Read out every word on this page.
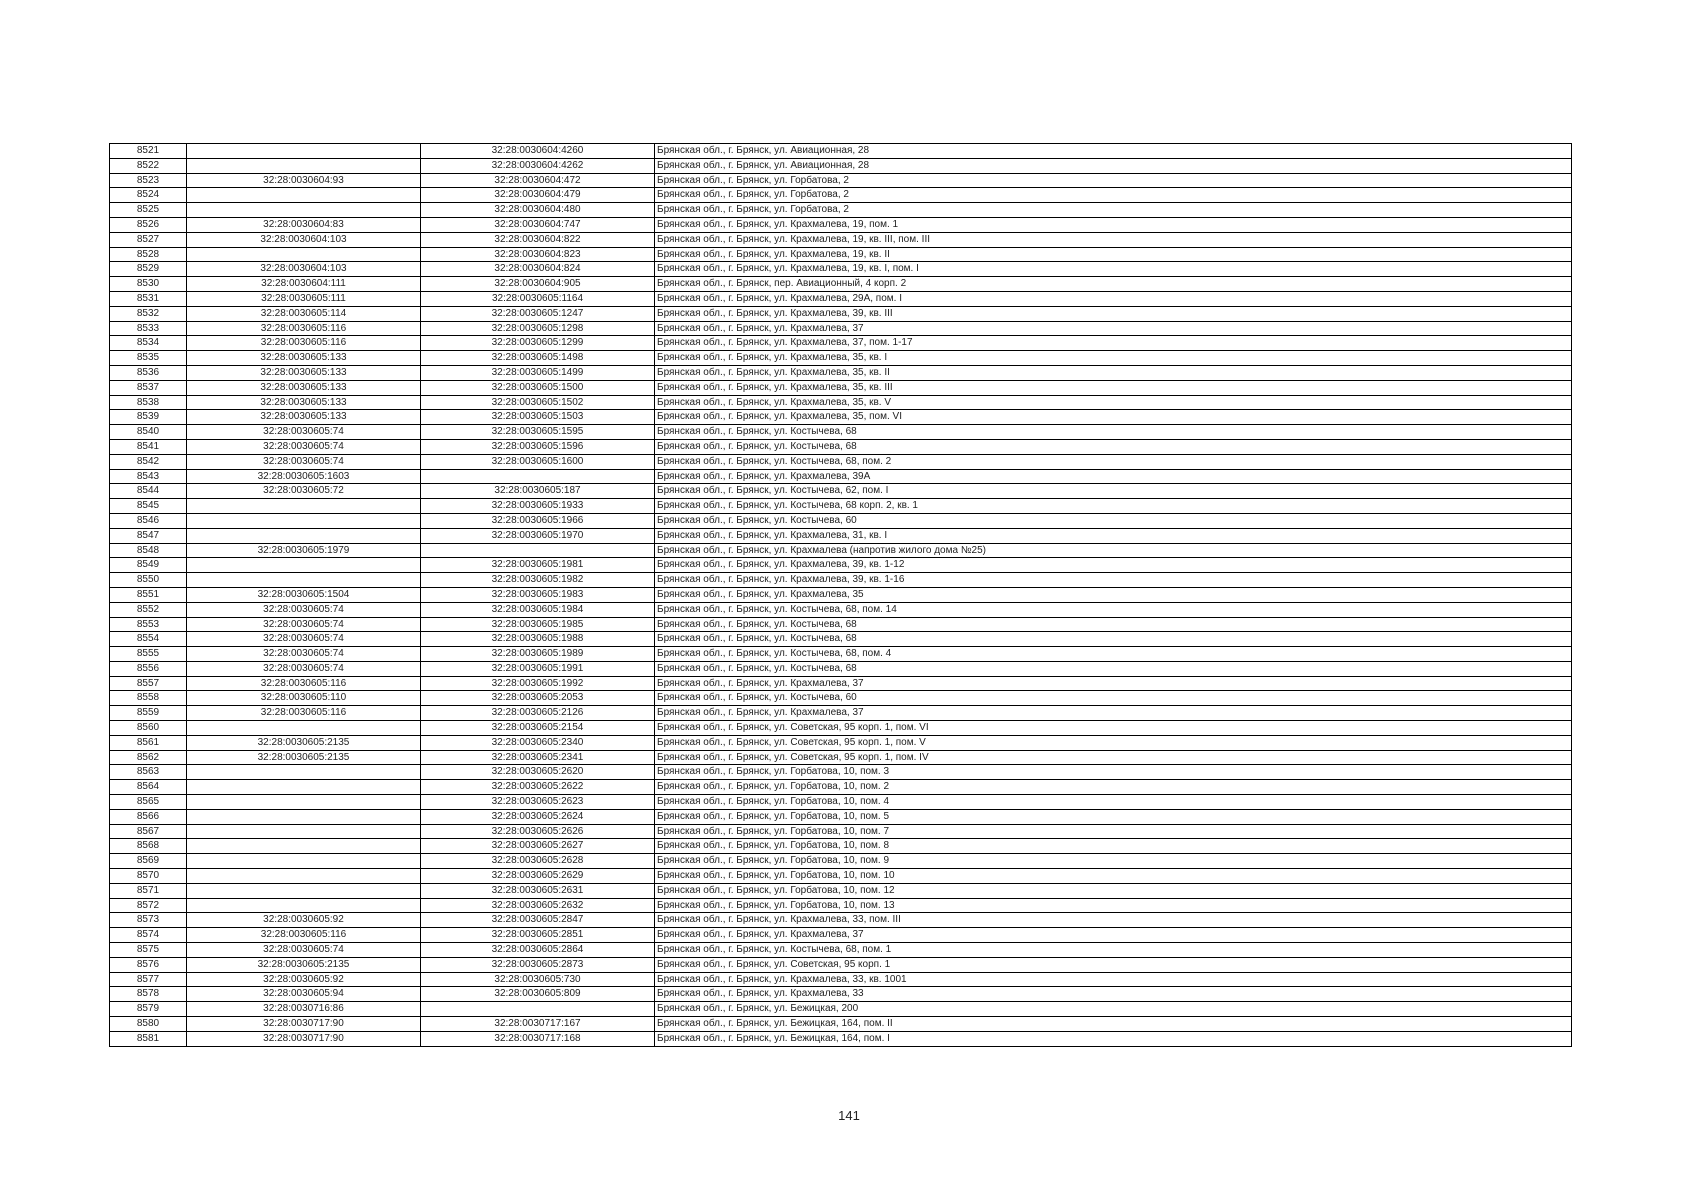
8521		32:28:0030604:4260	Брянская обл., г. Брянск, ул. Авиационная, 28
8522		32:28:0030604:4262	Брянская обл., г. Брянск, ул. Авиационная, 28
8523	32:28:0030604:93	32:28:0030604:472	Брянская обл., г. Брянск, ул. Горбатова, 2
8524		32:28:0030604:479	Брянская обл., г. Брянск, ул. Горбатова, 2
8525		32:28:0030604:480	Брянская обл., г. Брянск, ул. Горбатова, 2
8526	32:28:0030604:83	32:28:0030604:747	Брянская обл., г. Брянск, ул. Крахмалева, 19, пом. 1
8527	32:28:0030604:103	32:28:0030604:822	Брянская обл., г. Брянск, ул. Крахмалева, 19, кв. III, пом. III
8528		32:28:0030604:823	Брянская обл., г. Брянск, ул. Крахмалева, 19, кв. II
8529	32:28:0030604:103	32:28:0030604:824	Брянская обл., г. Брянск, ул. Крахмалева, 19, кв. I, пом. I
8530	32:28:0030604:111	32:28:0030604:905	Брянская обл., г. Брянск, пер. Авиационный, 4 корп. 2
8531	32:28:0030605:111	32:28:0030605:1164	Брянская обл., г. Брянск, ул. Крахмалева, 29А, пом. I
8532	32:28:0030605:114	32:28:0030605:1247	Брянская обл., г. Брянск, ул. Крахмалева, 39, кв. III
8533	32:28:0030605:116	32:28:0030605:1298	Брянская обл., г. Брянск, ул. Крахмалева, 37
8534	32:28:0030605:116	32:28:0030605:1299	Брянская обл., г. Брянск, ул. Крахмалева, 37, пом. 1-17
8535	32:28:0030605:133	32:28:0030605:1498	Брянская обл., г. Брянск, ул. Крахмалева, 35, кв. I
8536	32:28:0030605:133	32:28:0030605:1499	Брянская обл., г. Брянск, ул. Крахмалева, 35, кв. II
8537	32:28:0030605:133	32:28:0030605:1500	Брянская обл., г. Брянск, ул. Крахмалева, 35, кв. III
8538	32:28:0030605:133	32:28:0030605:1502	Брянская обл., г. Брянск, ул. Крахмалева, 35, кв. V
8539	32:28:0030605:133	32:28:0030605:1503	Брянская обл., г. Брянск, ул. Крахмалева, 35, пом. VI
8540	32:28:0030605:74	32:28:0030605:1595	Брянская обл., г. Брянск, ул. Костычева, 68
8541	32:28:0030605:74	32:28:0030605:1596	Брянская обл., г. Брянск, ул. Костычева, 68
8542	32:28:0030605:74	32:28:0030605:1600	Брянская обл., г. Брянск, ул. Костычева, 68, пом. 2
8543	32:28:0030605:1603		Брянская обл., г. Брянск, ул. Крахмалева, 39А
8544	32:28:0030605:72	32:28:0030605:187	Брянская обл., г. Брянск, ул. Костычева, 62, пом. I
8545		32:28:0030605:1933	Брянская обл., г. Брянск, ул. Костычева, 68 корп. 2, кв. 1
8546		32:28:0030605:1966	Брянская обл., г. Брянск, ул. Костычева, 60
8547		32:28:0030605:1970	Брянская обл., г. Брянск, ул. Крахмалева, 31, кв. I
8548	32:28:0030605:1979		Брянская обл., г. Брянск, ул. Крахмалева (напротив жилого дома №25)
8549		32:28:0030605:1981	Брянская обл., г. Брянск, ул. Крахмалева, 39, кв. 1-12
8550		32:28:0030605:1982	Брянская обл., г. Брянск, ул. Крахмалева, 39, кв. 1-16
8551	32:28:0030605:1504	32:28:0030605:1983	Брянская обл., г. Брянск, ул. Крахмалева, 35
8552	32:28:0030605:74	32:28:0030605:1984	Брянская обл., г. Брянск, ул. Костычева, 68, пом. 14
8553	32:28:0030605:74	32:28:0030605:1985	Брянская обл., г. Брянск, ул. Костычева, 68
8554	32:28:0030605:74	32:28:0030605:1988	Брянская обл., г. Брянск, ул. Костычева, 68
8555	32:28:0030605:74	32:28:0030605:1989	Брянская обл., г. Брянск, ул. Костычева, 68, пом. 4
8556	32:28:0030605:74	32:28:0030605:1991	Брянская обл., г. Брянск, ул. Костычева, 68
8557	32:28:0030605:116	32:28:0030605:1992	Брянская обл., г. Брянск, ул. Крахмалева, 37
8558	32:28:0030605:110	32:28:0030605:2053	Брянская обл., г. Брянск, ул. Костычева, 60
8559	32:28:0030605:116	32:28:0030605:2126	Брянская обл., г. Брянск, ул. Крахмалева, 37
8560		32:28:0030605:2154	Брянская обл., г. Брянск, ул. Советская, 95 корп. 1, пом. VI
8561	32:28:0030605:2135	32:28:0030605:2340	Брянская обл., г. Брянск, ул. Советская, 95 корп. 1, пом. V
8562	32:28:0030605:2135	32:28:0030605:2341	Брянская обл., г. Брянск, ул. Советская, 95 корп. 1, пом. IV
8563		32:28:0030605:2620	Брянская обл., г. Брянск, ул. Горбатова, 10, пом. 3
8564		32:28:0030605:2622	Брянская обл., г. Брянск, ул. Горбатова, 10, пом. 2
8565		32:28:0030605:2623	Брянская обл., г. Брянск, ул. Горбатова, 10, пом. 4
8566		32:28:0030605:2624	Брянская обл., г. Брянск, ул. Горбатова, 10, пом. 5
8567		32:28:0030605:2626	Брянская обл., г. Брянск, ул. Горбатова, 10, пом. 7
8568		32:28:0030605:2627	Брянская обл., г. Брянск, ул. Горбатова, 10, пом. 8
8569		32:28:0030605:2628	Брянская обл., г. Брянск, ул. Горбатова, 10, пом. 9
8570		32:28:0030605:2629	Брянская обл., г. Брянск, ул. Горбатова, 10, пом. 10
8571		32:28:0030605:2631	Брянская обл., г. Брянск, ул. Горбатова, 10, пом. 12
8572		32:28:0030605:2632	Брянская обл., г. Брянск, ул. Горбатова, 10, пом. 13
8573	32:28:0030605:92	32:28:0030605:2847	Брянская обл., г. Брянск, ул. Крахмалева, 33, пом. III
8574	32:28:0030605:116	32:28:0030605:2851	Брянская обл., г. Брянск, ул. Крахмалева, 37
8575	32:28:0030605:74	32:28:0030605:2864	Брянская обл., г. Брянск, ул. Костычева, 68, пом. 1
8576	32:28:0030605:2135	32:28:0030605:2873	Брянская обл., г. Брянск, ул. Советская, 95 корп. 1
8577	32:28:0030605:92	32:28:0030605:730	Брянская обл., г. Брянск, ул. Крахмалева, 33, кв. 1001
8578	32:28:0030605:94	32:28:0030605:809	Брянская обл., г. Брянск, ул. Крахмалева, 33
8579	32:28:0030716:86		Брянская обл., г. Брянск, ул. Бежицкая, 200
8580	32:28:0030717:90	32:28:0030717:167	Брянская обл., г. Брянск, ул. Бежицкая, 164, пом. II
8581	32:28:0030717:90	32:28:0030717:168	Брянская обл., г. Брянск, ул. Бежицкая, 164, пом. I
141
